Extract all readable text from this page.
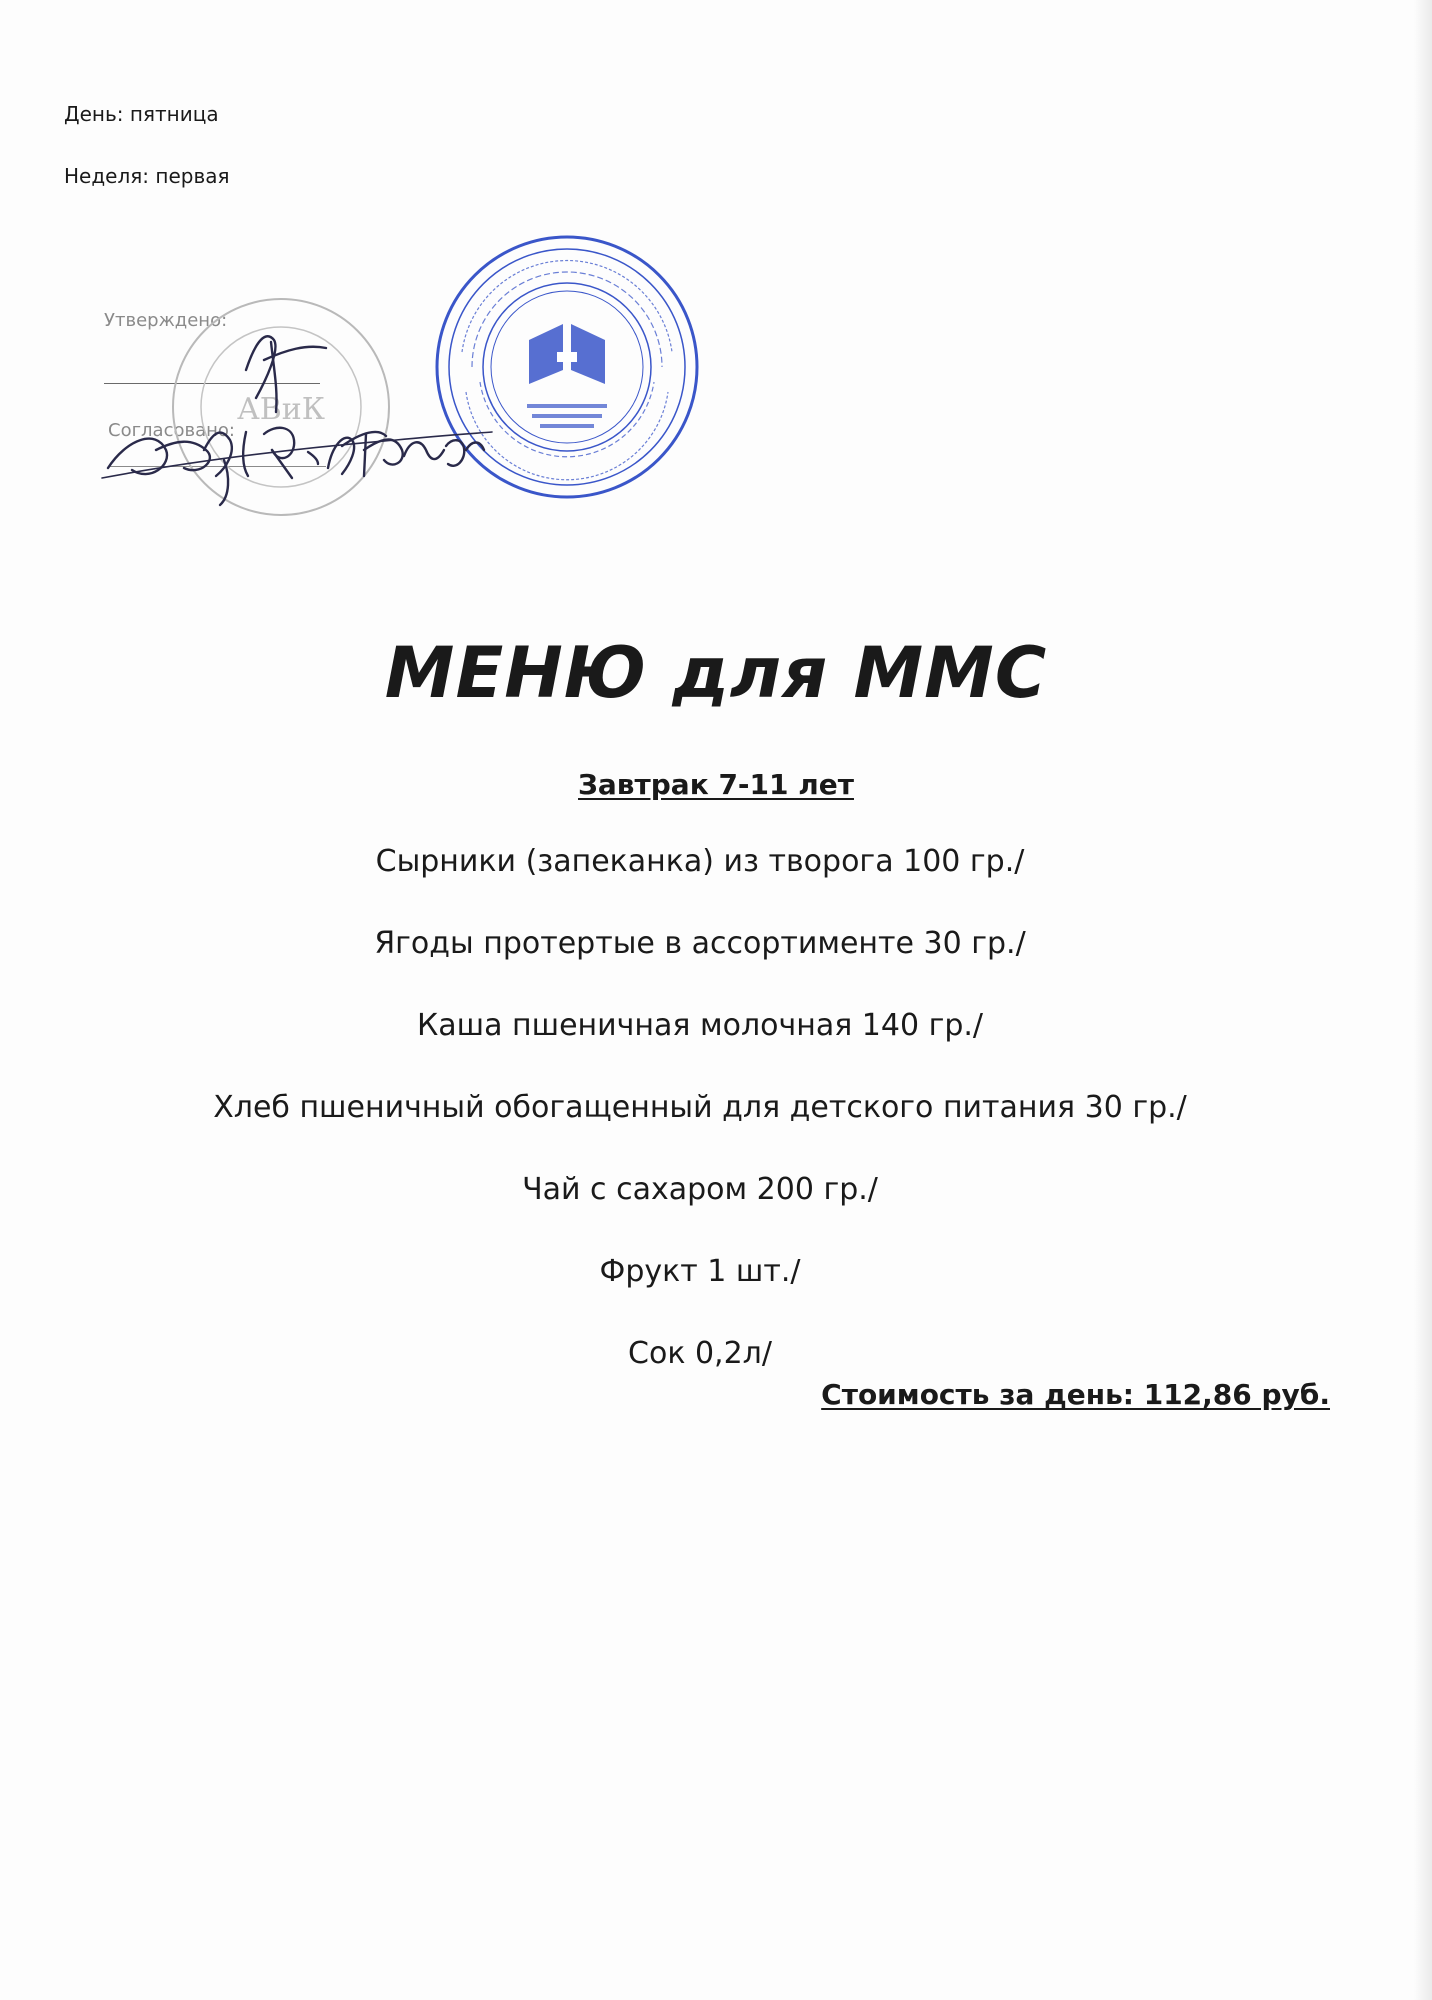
День: пятница
Неделя: первая
Утверждено:
Согласовано:
АВиК
МЕНЮ для ММС
Завтрак 7-11 лет
Сырники (запеканка) из творога 100 гр./
Ягоды протертые в ассортименте 30 гр./
Каша пшеничная молочная 140 гр./
Хлеб пшеничный обогащенный для детского питания 30 гр./
Чай с сахаром 200 гр./
Фрукт 1 шт./
Сок 0,2л/
Стоимость за день: 112,86 руб.
